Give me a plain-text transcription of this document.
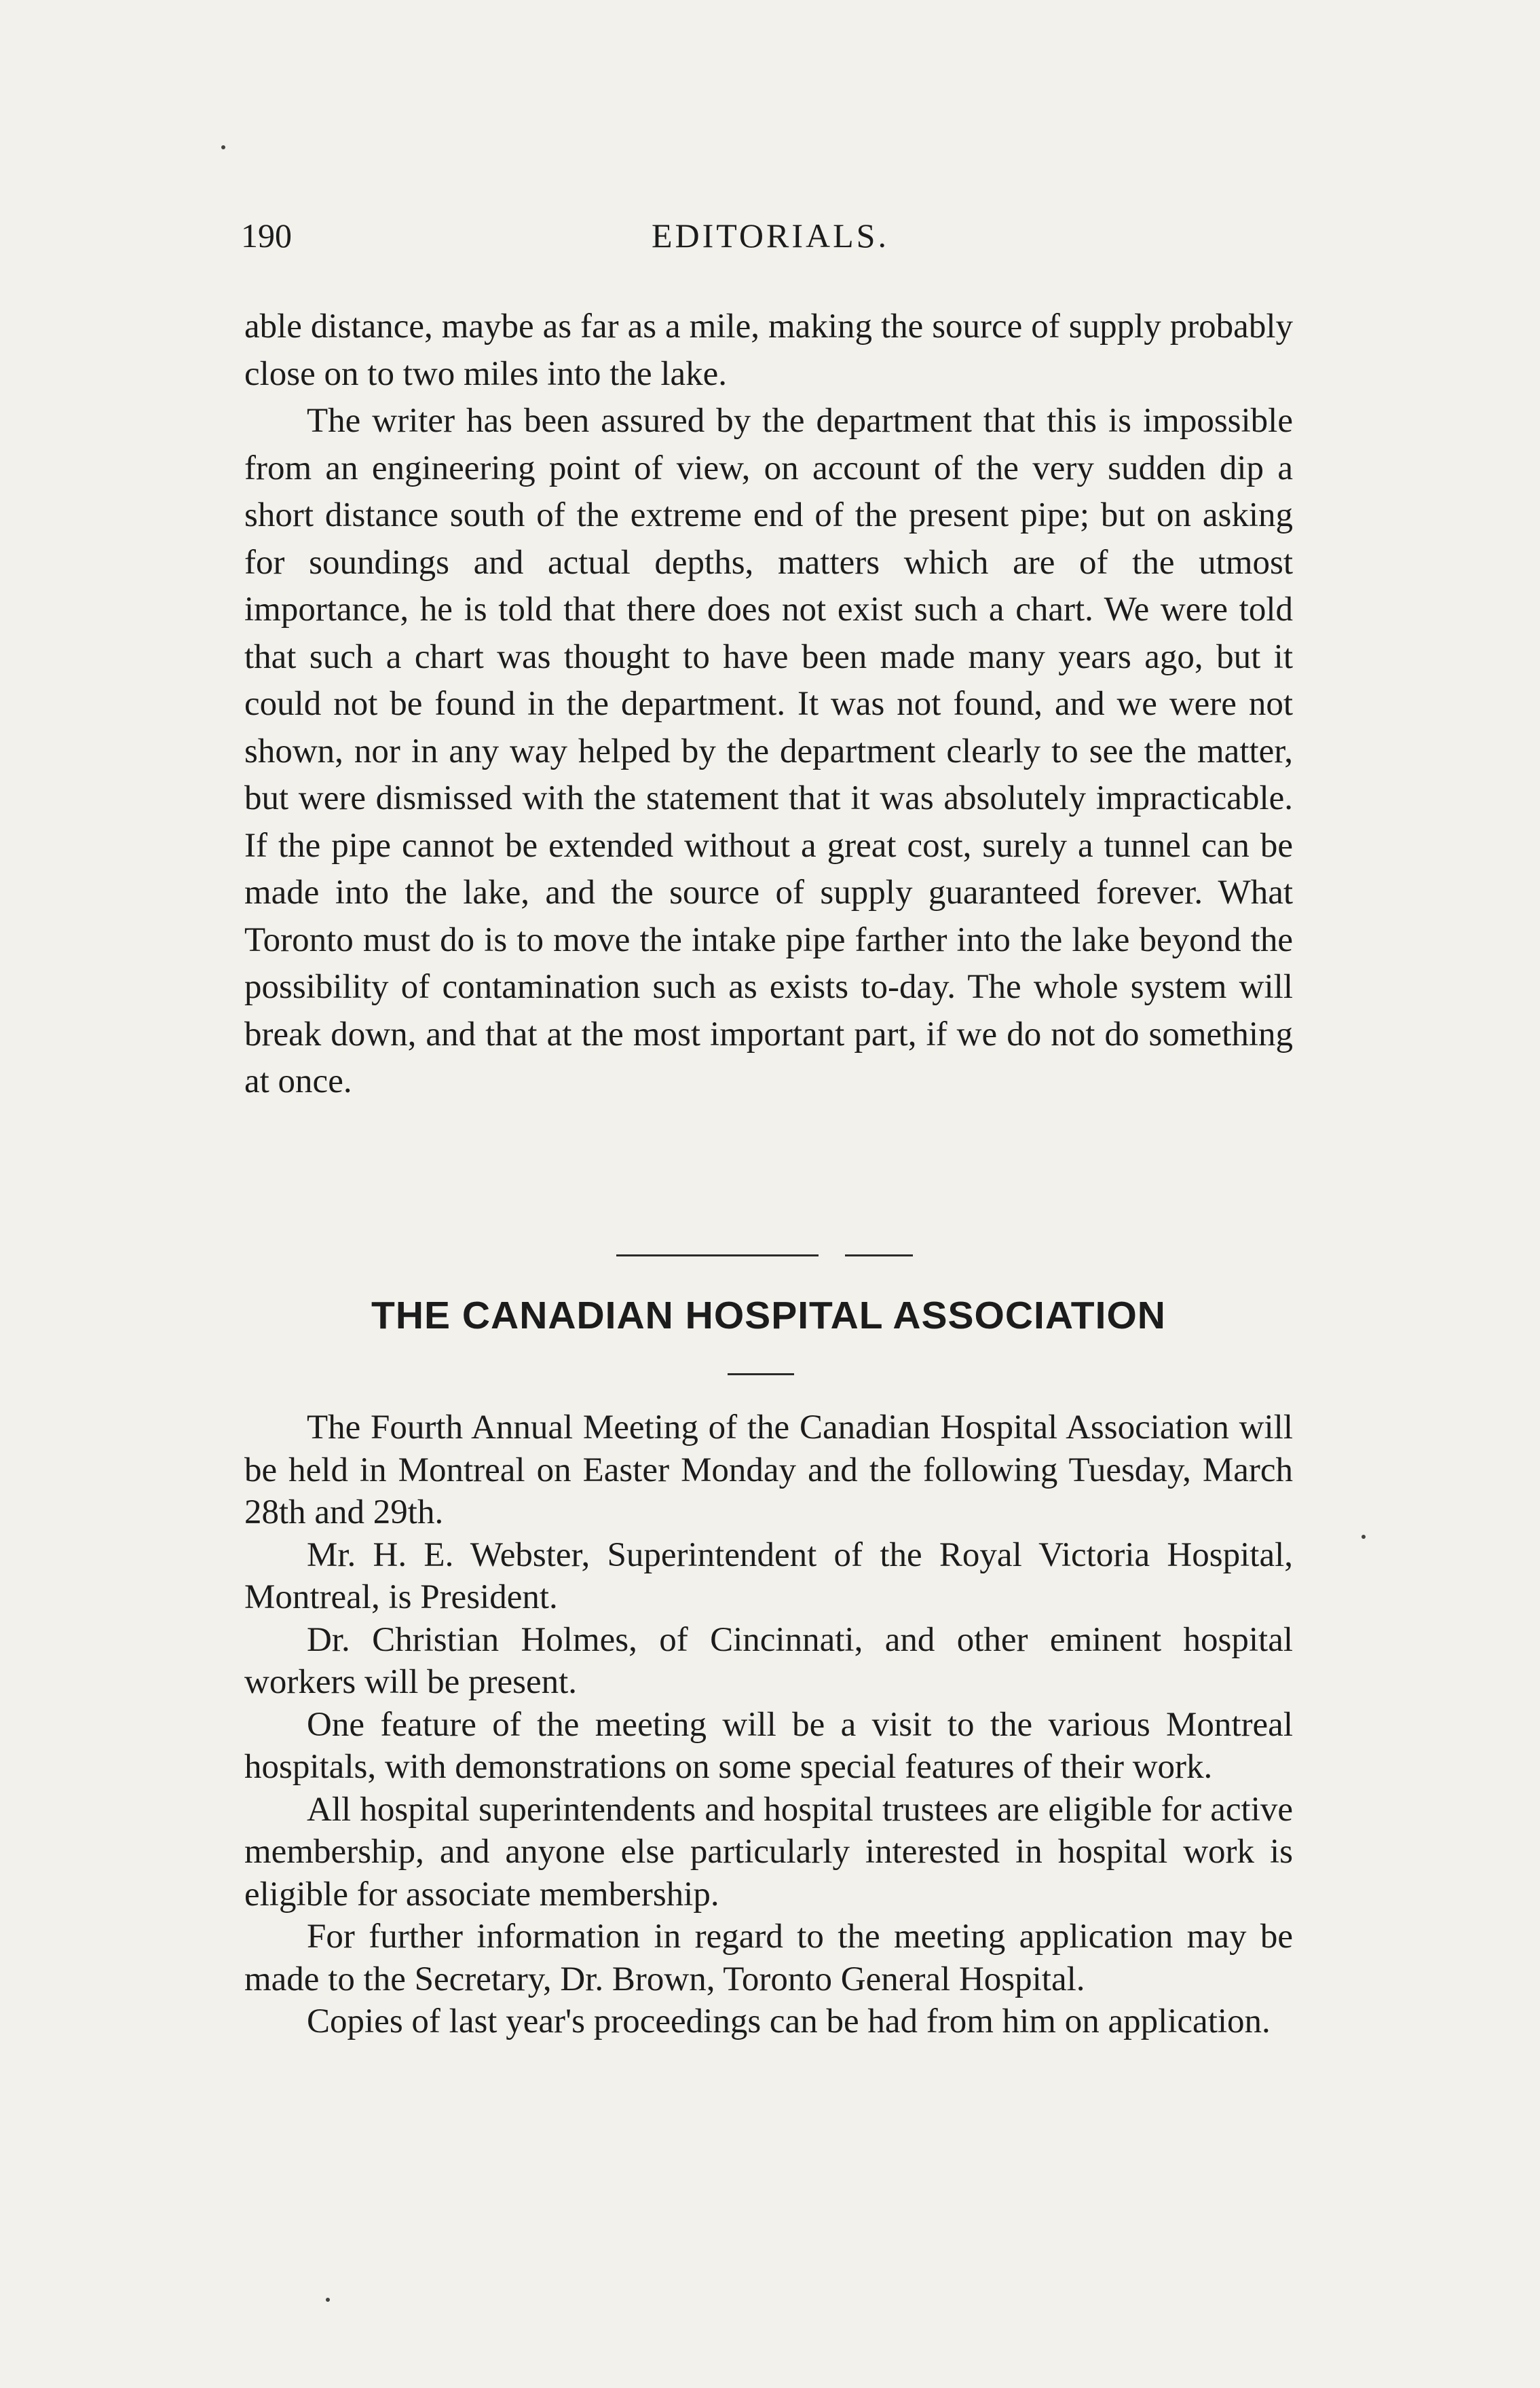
190	EDITORIALS.

able distance, maybe as far as a mile, making the source of supply probably close on to two miles into the lake.

The writer has been assured by the department that this is impossible from an engineering point of view, on account of the very sudden dip a short distance south of the extreme end of the present pipe; but on asking for soundings and actual depths, matters which are of the utmost importance, he is told that there does not exist such a chart. We were told that such a chart was thought to have been made many years ago, but it could not be found in the department. It was not found, and we were not shown, nor in any way helped by the department clearly to see the matter, but were dismissed with the statement that it was absolutely impracticable. If the pipe cannot be extended without a great cost, surely a tunnel can be made into the lake, and the source of supply guaranteed forever. What Toronto must do is to move the intake pipe farther into the lake beyond the possibility of contamination such as exists to-day. The whole system will break down, and that at the most important part, if we do not do something at once.

THE CANADIAN HOSPITAL ASSOCIATION

The Fourth Annual Meeting of the Canadian Hospital Association will be held in Montreal on Easter Monday and the following Tuesday, March 28th and 29th.

Mr. H. E. Webster, Superintendent of the Royal Victoria Hospital, Montreal, is President.

Dr. Christian Holmes, of Cincinnati, and other eminent hospital workers will be present.

One feature of the meeting will be a visit to the various Montreal hospitals, with demonstrations on some special features of their work.

All hospital superintendents and hospital trustees are eligible for active membership, and anyone else particularly interested in hospital work is eligible for associate membership.

For further information in regard to the meeting application may be made to the Secretary, Dr. Brown, Toronto General Hospital.

Copies of last year's proceedings can be had from him on application.
